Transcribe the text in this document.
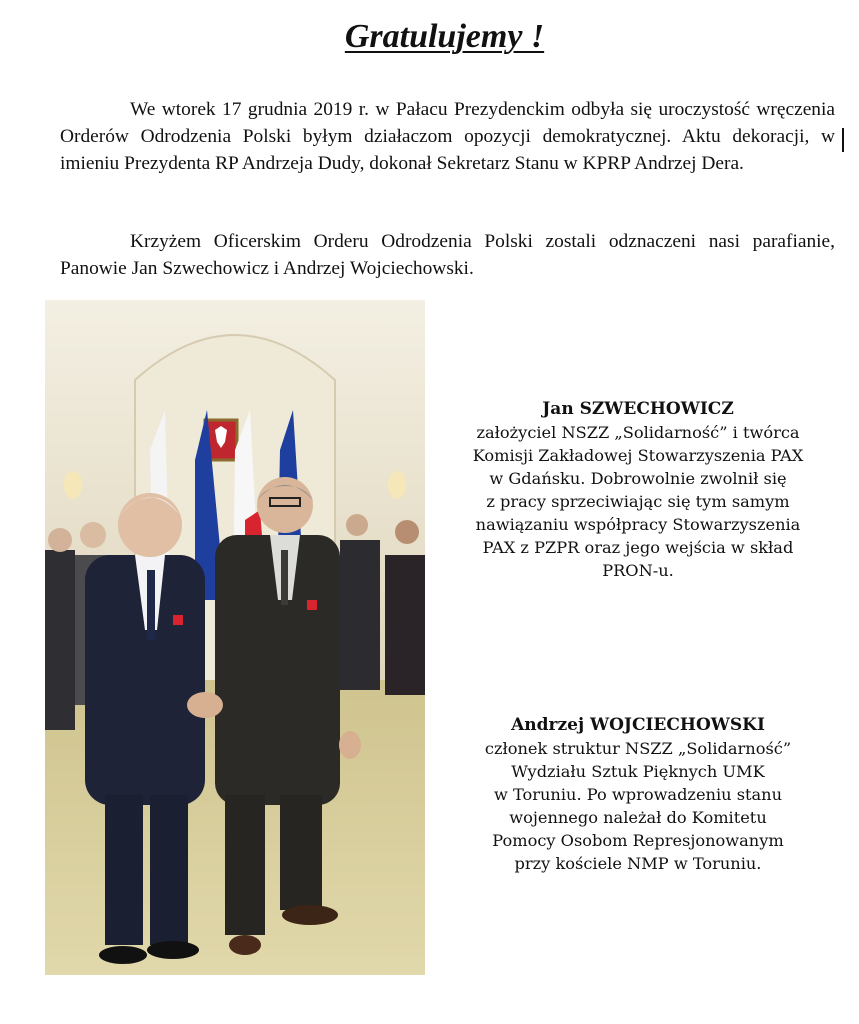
Gratulujemy !

We wtorek 17 grudnia 2019 r. w Pałacu Prezydenckim odbyła się uroczystość wręczenia Orderów Odrodzenia Polski byłym działaczom opozycji demokratycznej. Aktu dekoracji, w imieniu Prezydenta RP Andrzeja Dudy, dokonał Sekretarz Stanu w KPRP Andrzej Dera.

Krzyżem Oficerskim Orderu Odrodzenia Polski zostali odznaczeni nasi parafianie, Panowie Jan Szwechowicz i Andrzej Wojciechowski.

Jan SZWECHOWICZ
założyciel NSZZ „Solidarność” i twórca
Komisji Zakładowej Stowarzyszenia PAX
w Gdańsku. Dobrowolnie zwolnił się
z pracy sprzeciwiając się tym samym
nawiązaniu współpracy Stowarzyszenia
PAX z PZPR oraz jego wejścia w skład
PRON-u.
Andrzej WOJCIECHOWSKI
członek struktur NSZZ „Solidarność”
Wydziału Sztuk Pięknych UMK
w Toruniu. Po wprowadzeniu stanu
wojennego należał do Komitetu
Pomocy Osobom Represjonowanym
przy kościele NMP w Toruniu.
